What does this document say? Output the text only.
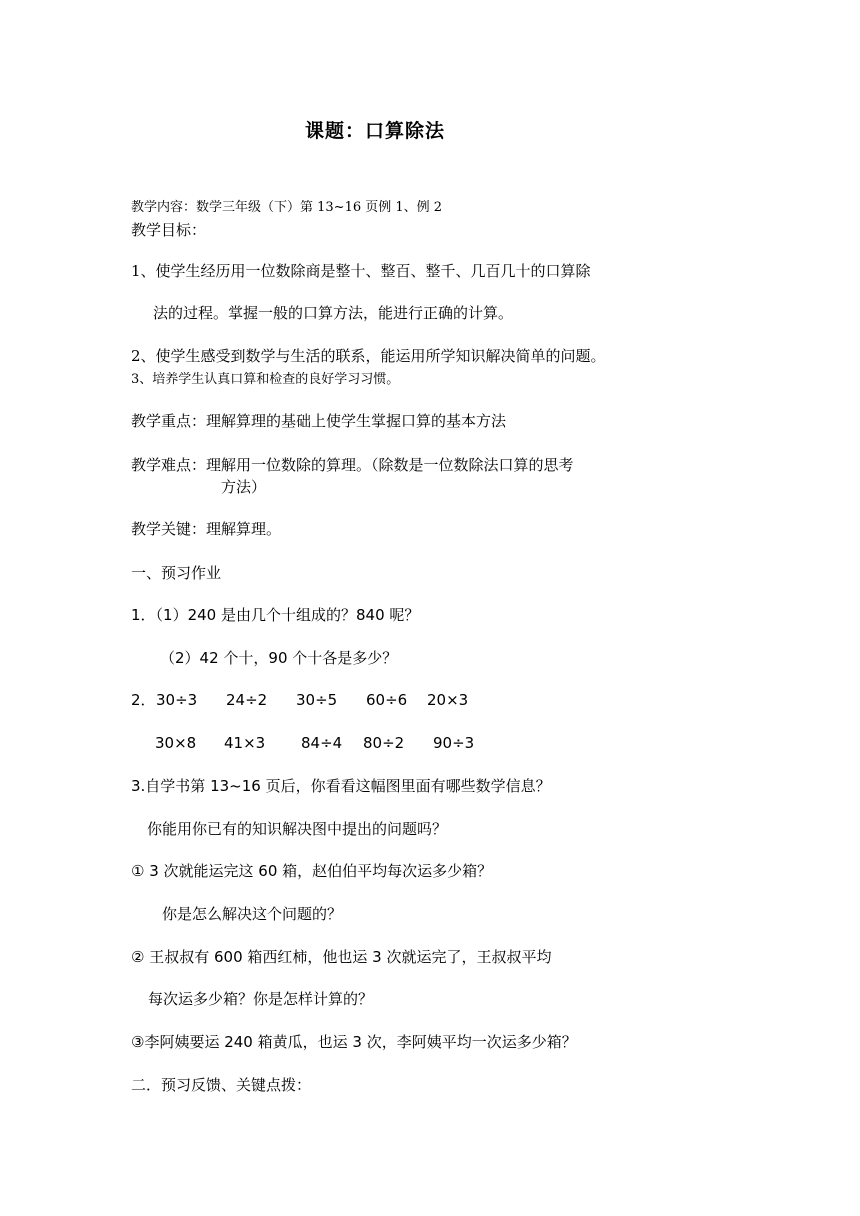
课题：口算除法
教学内容：数学三年级（下）第 13~16 页例 1、例 2
教学目标：
1、使学生经历用一位数除商是整十、整百、整千、几百几十的口算除
法的过程。掌握一般的口算方法，能进行正确的计算。
2、使学生感受到数学与生活的联系，能运用所学知识解决简单的问题。
3、培养学生认真口算和检查的良好学习习惯。
教学重点：理解算理的基础上使学生掌握口算的基本方法
教学难点：理解用一位数除的算理。（除数是一位数除法口算的思考
方法）
教学关键：理解算理。
一、预习作业
1．（1）240 是由几个十组成的？840 呢？
（2）42 个十，90 个十各是多少？
2． 30÷3 24÷2 30÷5 60÷6 20×3
30×8 41×3 84÷4 80÷2 90÷3
3.自学书第 13~16 页后，你看看这幅图里面有哪些数学信息？
你能用你已有的知识解决图中提出的问题吗？
① 3 次就能运完这 60 箱，赵伯伯平均每次运多少箱？
你是怎么解决这个问题的？
② 王叔叔有 600 箱西红柿，他也运 3 次就运完了，王叔叔平均
每次运多少箱？你是怎样计算的？
③李阿姨要运 240 箱黄瓜，也运 3 次，李阿姨平均一次运多少箱？
二．预习反馈、关键点拨：
